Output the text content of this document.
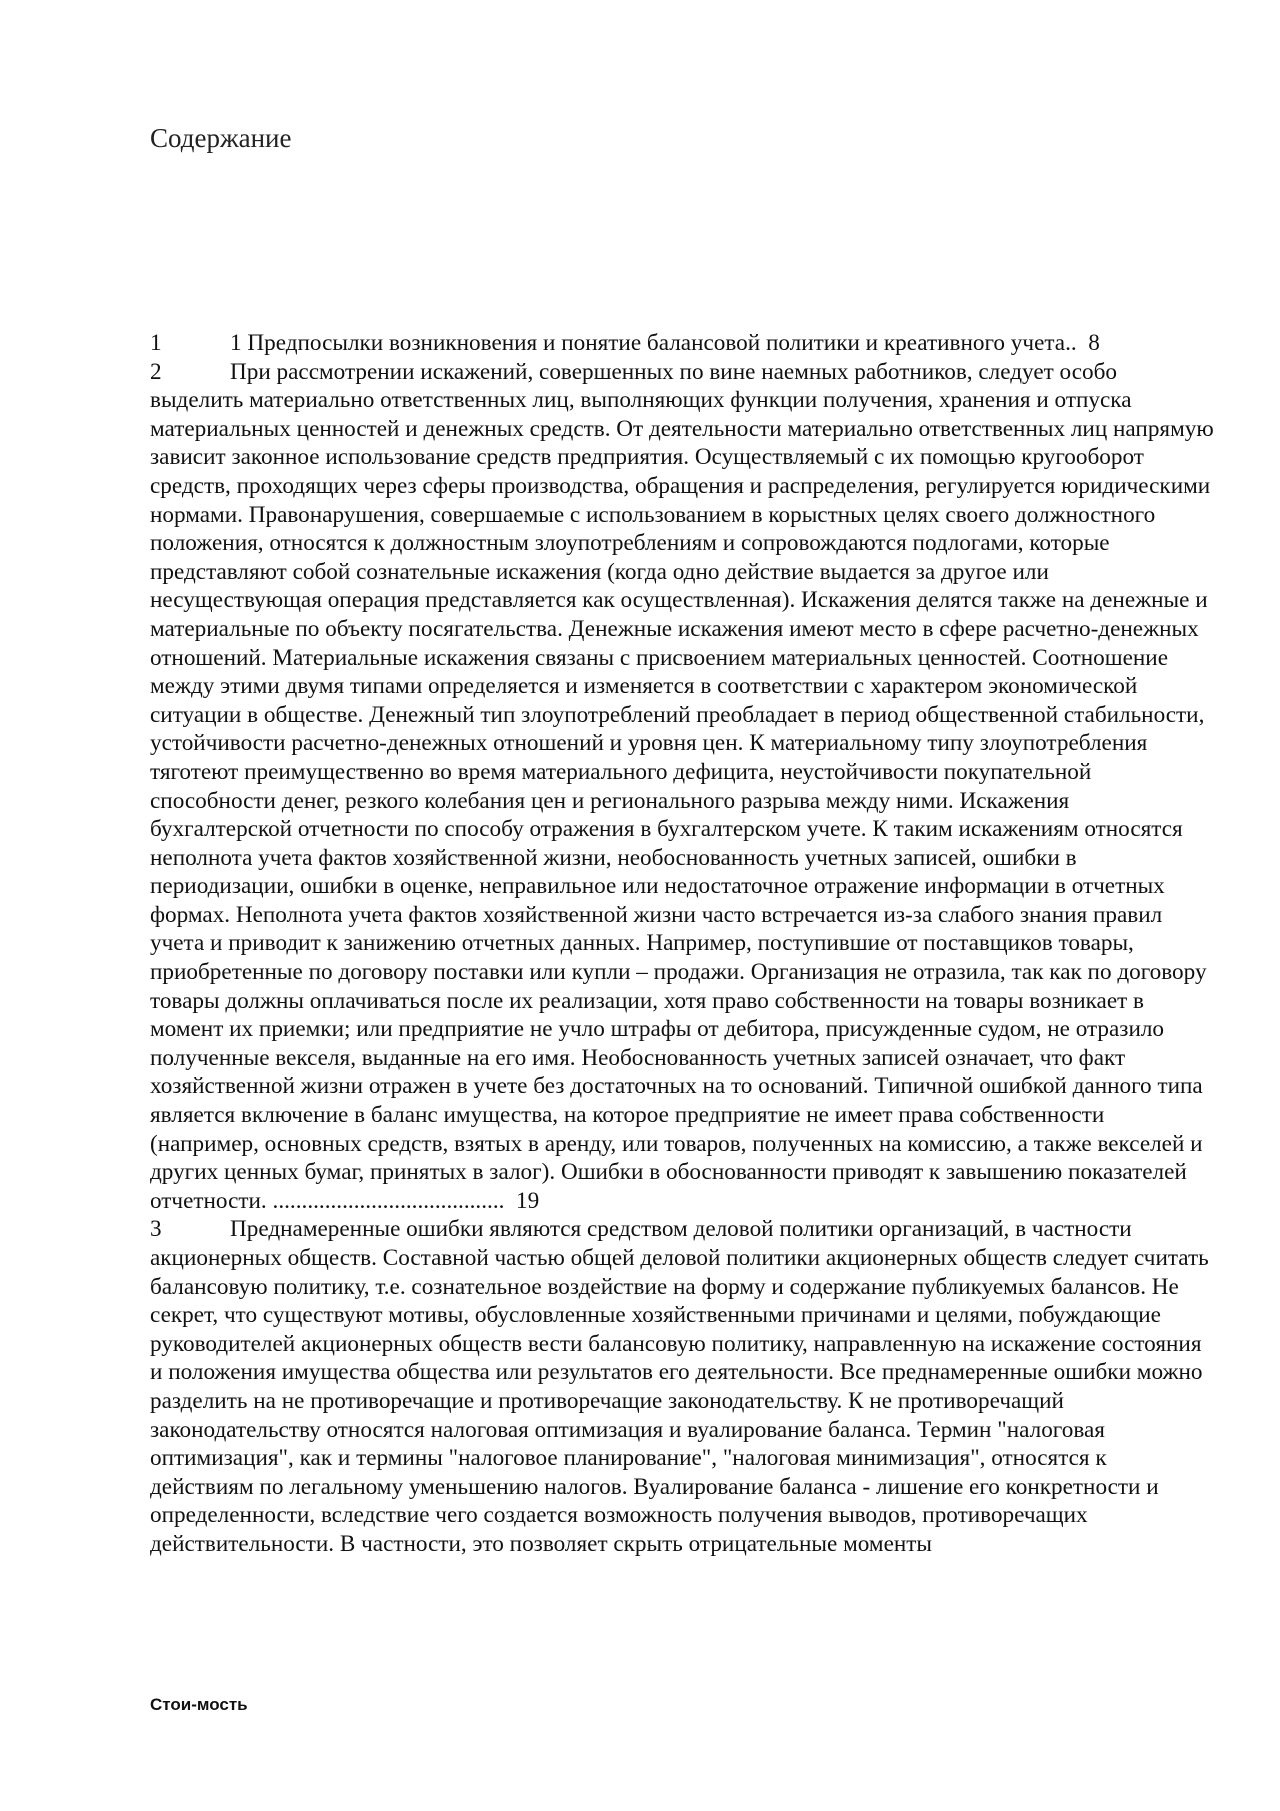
Содержание

1	1 Предпосылки возникновения и понятие балансовой политики и креативного учета.. 8

2	При рассмотрении искажений, совершенных по вине наемных работников, следует особо выделить материально ответственных лиц, выполняющих функции получения, хранения и отпуска материальных ценностей и денежных средств. От деятельности материально ответственных лиц напрямую зависит законное использование средств предприятия. Осуществляемый с их помощью кругооборот средств, проходящих через сферы производства, обращения и распределения, регулируется юридическими нормами. Правонарушения, совершаемые с использованием в корыстных целях своего должностного положения, относятся к должностным злоупотреблениям и сопровождаются подлогами, которые представляют собой сознательные искажения (когда одно действие выдается за другое или несуществующая операция представляется как осуществленная). Искажения делятся также на денежные и материальные по объекту посягательства. Денежные искажения имеют место в сфере расчетно-денежных отношений. Материальные искажения связаны с присвоением материальных ценностей. Соотношение между этими двумя типами определяется и изменяется в соответствии с характером экономической ситуации в обществе. Денежный тип злоупотреблений преобладает в период общественной стабильности, устойчивости расчетно-денежных отношений и уровня цен. К материальному типу злоупотребления тяготеют преимущественно во время материального дефицита, неустойчивости покупательной способности денег, резкого колебания цен и регионального разрыва между ними. Искажения бухгалтерской отчетности по способу отражения в бухгалтерском учете. К таким искажениям относятся неполнота учета фактов хозяйственной жизни, необоснованность учетных записей, ошибки в периодизации, ошибки в оценке, неправильное или недостаточное отражение информации в отчетных формах. Неполнота учета фактов хозяйственной жизни часто встречается из-за слабого знания правил учета и приводит к занижению отчетных данных. Например, поступившие от поставщиков товары, приобретенные по договору поставки или купли – продажи. Организация не отразила, так как по договору товары должны оплачиваться после их реализации, хотя право собственности на товары возникает в момент их приемки; или предприятие не учло штрафы от дебитора, присужденные судом, не отразило полученные векселя, выданные на его имя. Необоснованность учетных записей означает, что факт хозяйственной жизни отражен в учете без достаточных на то оснований. Типичной ошибкой данного типа является включение в баланс имущества, на которое предприятие не имеет права собственности (например, основных средств, взятых в аренду, или товаров, полученных на комиссию, а также векселей и других ценных бумаг, принятых в залог). Ошибки в обоснованности приводят к завышению показателей отчетности. ........................................ 19

3	Преднамеренные ошибки являются средством деловой политики организаций, в частности акционерных обществ. Составной частью общей деловой политики акционерных обществ следует считать балансовую политику, т.е. сознательное воздействие на форму и содержание публикуемых балансов. Не секрет, что существуют мотивы, обусловленные хозяйственными причинами и целями, побуждающие руководителей акционерных обществ вести балансовую политику, направленную на искажение состояния и положения имущества общества или результатов его деятельности. Все преднамеренные ошибки можно разделить на не противоречащие и противоречащие законодательству. К не противоречащий законодательству относятся налоговая оптимизация и вуалирование баланса. Термин "налоговая оптимизация", как и термины "налоговое планирование", "налоговая минимизация", относятся к действиям по легальному уменьшению налогов. Вуалирование баланса - лишение его конкретности и определенности, вследствие чего создается возможность получения выводов, противоречащих действительности. В частности, это позволяет скрыть отрицательные моменты

Стои-мость
